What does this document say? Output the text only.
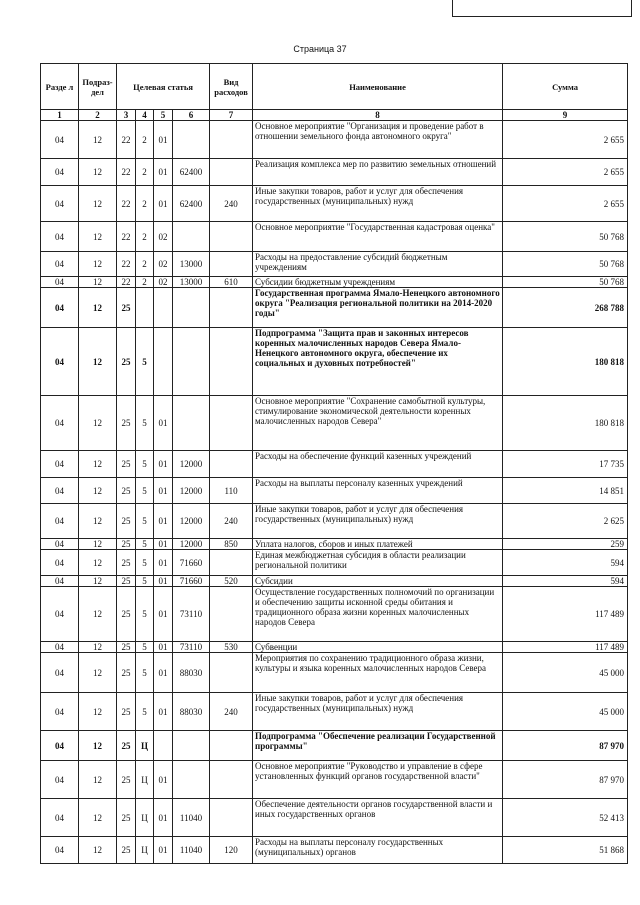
Страница 37
Разде л	Подраз- дел	Целевая статья				Вид расходов	Наименование	Сумма
1	2	3	4	5	6	7	8	9
04	12	22	2	01			Основное мероприятие "Организация и проведение работ в отношении земельного фонда автономного округа"	2 655
04	12	22	2	01	62400		Реализация комплекса мер по развитию земельных отношений	2 655
04	12	22	2	01	62400	240	Иные закупки товаров, работ и услуг для обеспечения государственных (муниципальных) нужд	2 655
04	12	22	2	02			Основное мероприятие "Государственная кадастровая оценка"	50 768
04	12	22	2	02	13000		Расходы на предоставление субсидий бюджетным учреждениям	50 768
04	12	22	2	02	13000	610	Субсидии бюджетным учреждениям	50 768
04	12	25					Государственная программа Ямало-Ненецкого автономного округа "Реализация региональной политики на 2014-2020 годы"	268 788
04	12	25	5				Подпрограмма "Защита прав и законных интересов коренных малочисленных народов Севера Ямало-Ненецкого автономного округа, обеспечение их социальных и духовных потребностей"	180 818
04	12	25	5	01			Основное мероприятие "Сохранение самобытной культуры, стимулирование экономической деятельности коренных малочисленных народов Севера"	180 818
04	12	25	5	01	12000		Расходы на обеспечение функций казенных учреждений	17 735
04	12	25	5	01	12000	110	Расходы на выплаты персоналу казенных учреждений	14 851
04	12	25	5	01	12000	240	Иные закупки товаров, работ и услуг для обеспечения государственных (муниципальных) нужд	2 625
04	12	25	5	01	12000	850	Уплата налогов, сборов и иных платежей	259
04	12	25	5	01	71660		Единая межбюджетная субсидия в области реализации региональной политики	594
04	12	25	5	01	71660	520	Субсидии	594
04	12	25	5	01	73110		Осуществление государственных полномочий по организации и обеспечению защиты исконной среды обитания и традиционного образа жизни коренных малочисленных народов Севера	117 489
04	12	25	5	01	73110	530	Субвенции	117 489
04	12	25	5	01	88030		Мероприятия по сохранению традиционного образа жизни, культуры и языка коренных малочисленных народов Севера	45 000
04	12	25	5	01	88030	240	Иные закупки товаров, работ и услуг для обеспечения государственных (муниципальных) нужд	45 000
04	12	25	Ц				Подпрограмма "Обеспечение реализации Государственной программы"	87 970
04	12	25	Ц	01			Основное мероприятие "Руководство и управление в сфере установленных функций органов государственной власти"	87 970
04	12	25	Ц	01	11040		Обеспечение деятельности органов государственной власти и иных государственных органов	52 413
04	12	25	Ц	01	11040	120	Расходы на выплаты персоналу государственных (муниципальных) органов	51 868
